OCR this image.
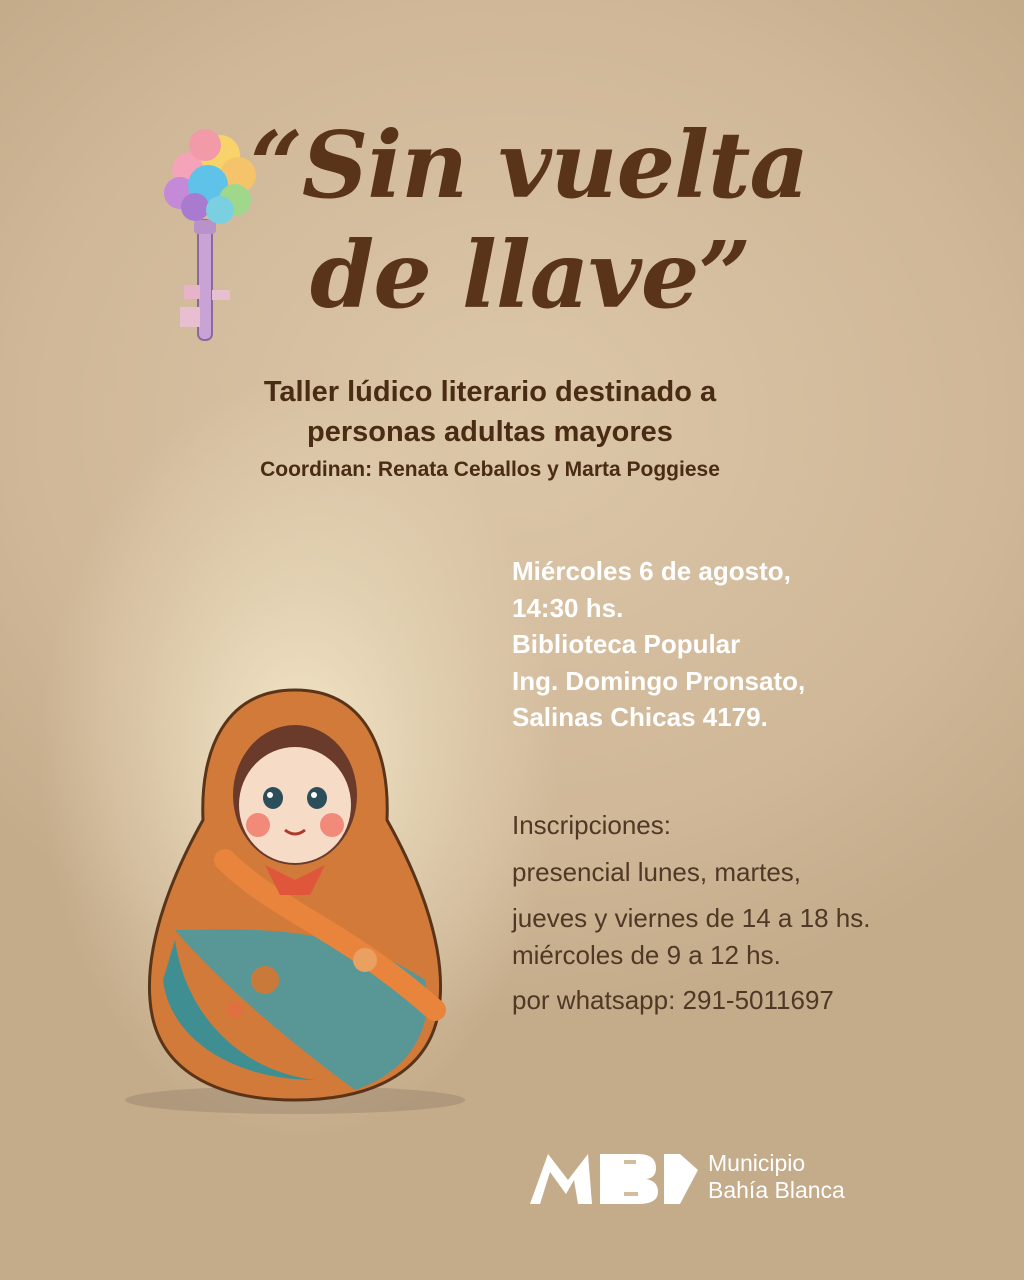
“Sin vuelta
de llave”
Taller lúdico literario destinado a
personas adultas mayores
Coordinan: Renata Ceballos y Marta Poggiese
Miércoles 6 de agosto,
14:30 hs.
Biblioteca Popular
Ing. Domingo Pronsato,
Salinas Chicas 4179.
Inscripciones:
presencial lunes, martes,
jueves y viernes de 14 a 18 hs.
miércoles de 9 a 12 hs.
por whatsapp: 291-5011697
Municipio
Bahía Blanca
